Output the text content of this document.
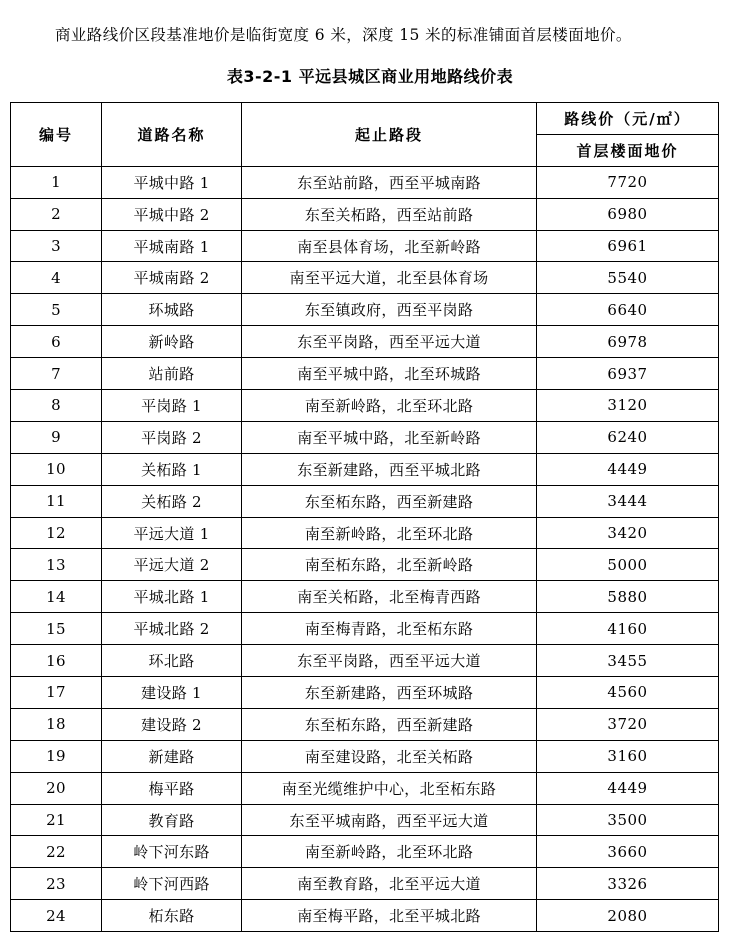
商业路线价区段基准地价是临街宽度 6 米，深度 15 米的标准铺面首层楼面地价。

表3-2-1 平远县城区商业用地路线价表
编号	道路名称	起止路段	路线价（元/㎡）
			首层楼面地价
1	平城中路 1	东至站前路，西至平城南路	7720
2	平城中路 2	东至关柘路，西至站前路	6980
3	平城南路 1	南至县体育场，北至新岭路	6961
4	平城南路 2	南至平远大道，北至县体育场	5540
5	环城路	东至镇政府，西至平岗路	6640
6	新岭路	东至平岗路，西至平远大道	6978
7	站前路	南至平城中路，北至环城路	6937
8	平岗路 1	南至新岭路，北至环北路	3120
9	平岗路 2	南至平城中路，北至新岭路	6240
10	关柘路 1	东至新建路，西至平城北路	4449
11	关柘路 2	东至柘东路，西至新建路	3444
12	平远大道 1	南至新岭路，北至环北路	3420
13	平远大道 2	南至柘东路，北至新岭路	5000
14	平城北路 1	南至关柘路，北至梅青西路	5880
15	平城北路 2	南至梅青路，北至柘东路	4160
16	环北路	东至平岗路，西至平远大道	3455
17	建设路 1	东至新建路，西至环城路	4560
18	建设路 2	东至柘东路，西至新建路	3720
19	新建路	南至建设路，北至关柘路	3160
20	梅平路	南至光缆维护中心，北至柘东路	4449
21	教育路	东至平城南路，西至平远大道	3500
22	岭下河东路	南至新岭路，北至环北路	3660
23	岭下河西路	南至教育路，北至平远大道	3326
24	柘东路	南至梅平路，北至平城北路	2080
